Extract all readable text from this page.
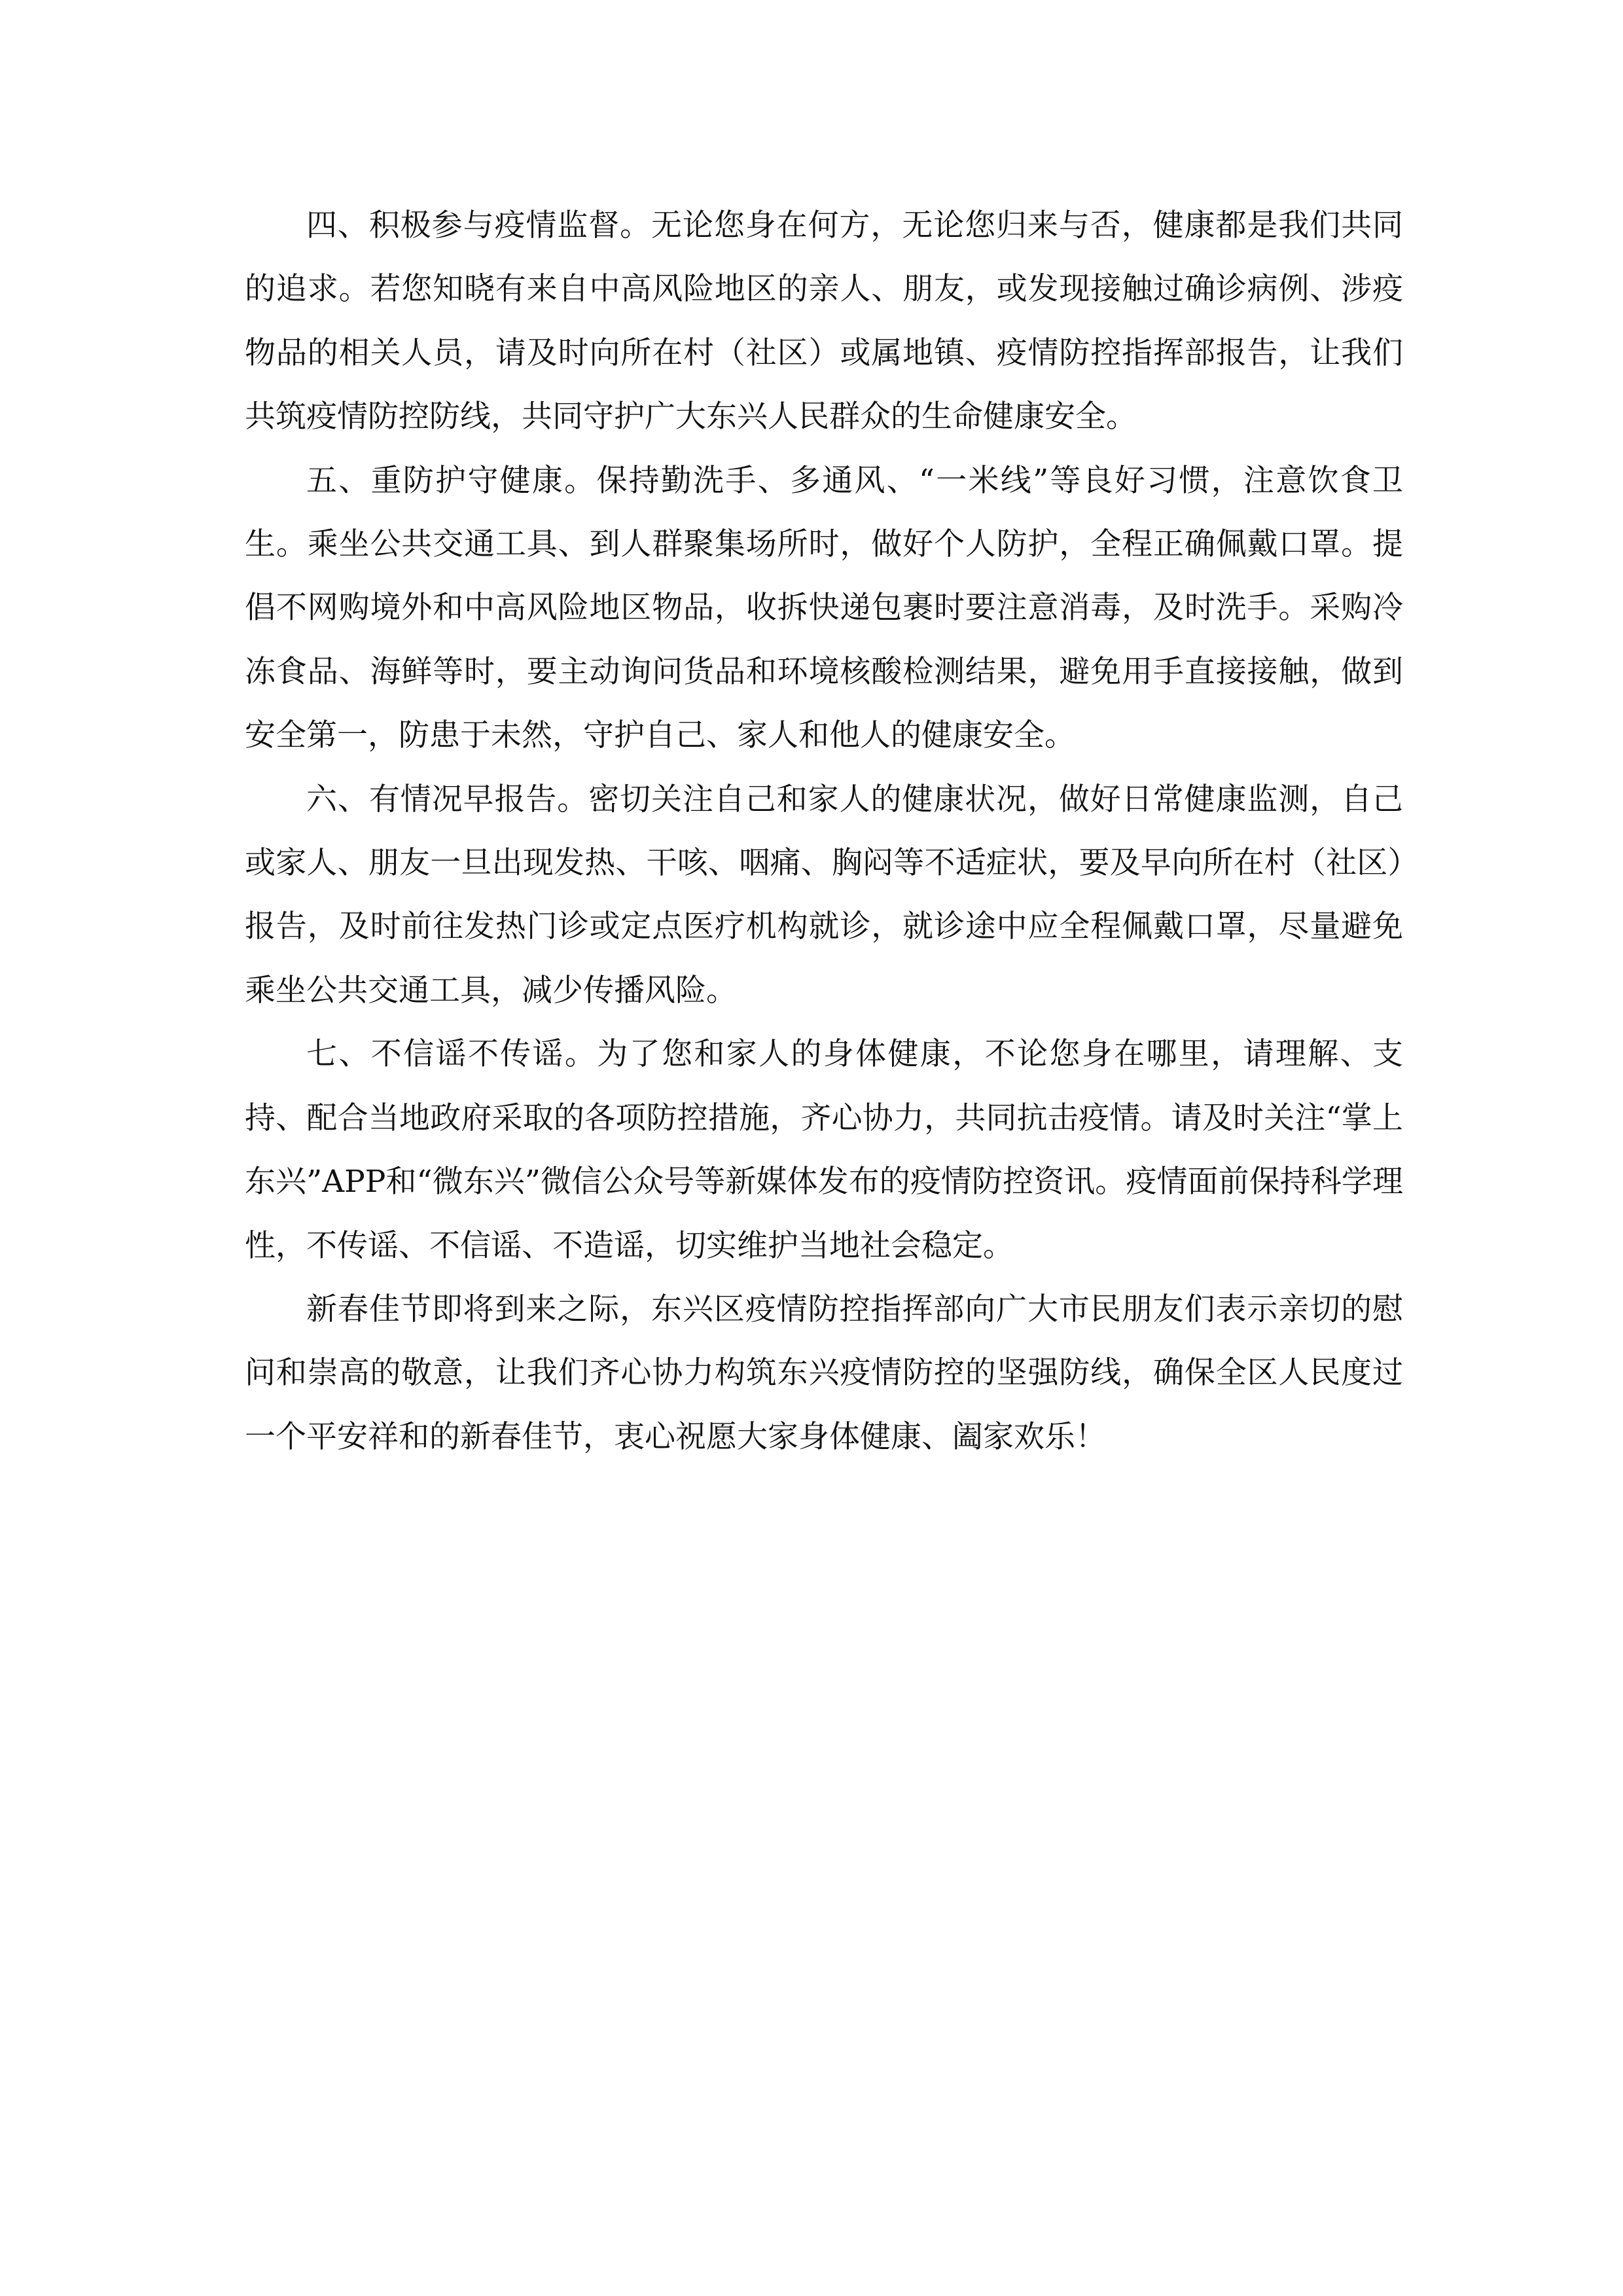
四、积极参与疫情监督。无论您身在何方，无论您归来与否，健康都是我们共同的追求。若您知晓有来自中高风险地区的亲人、朋友，或发现接触过确诊病例、涉疫物品的相关人员，请及时向所在村（社区）或属地镇、疫情防控指挥部报告，让我们共筑疫情防控防线，共同守护广大东兴人民群众的生命健康安全。

五、重防护守健康。保持勤洗手、多通风、“一米线”等良好习惯，注意饮食卫生。乘坐公共交通工具、到人群聚集场所时，做好个人防护，全程正确佩戴口罩。提倡不网购境外和中高风险地区物品，收拆快递包裹时要注意消毒，及时洗手。采购冷冻食品、海鲜等时，要主动询问货品和环境核酸检测结果，避免用手直接接触，做到安全第一，防患于未然，守护自己、家人和他人的健康安全。

六、有情况早报告。密切关注自己和家人的健康状况，做好日常健康监测，自己或家人、朋友一旦出现发热、干咳、咽痛、胸闷等不适症状，要及早向所在村（社区）报告，及时前往发热门诊或定点医疗机构就诊，就诊途中应全程佩戴口罩，尽量避免乘坐公共交通工具，减少传播风险。

七、不信谣不传谣。为了您和家人的身体健康，不论您身在哪里，请理解、支持、配合当地政府采取的各项防控措施，齐心协力，共同抗击疫情。请及时关注“掌上东兴”APP和“微东兴”微信公众号等新媒体发布的疫情防控资讯。疫情面前保持科学理性，不传谣、不信谣、不造谣，切实维护当地社会稳定。

新春佳节即将到来之际，东兴区疫情防控指挥部向广大市民朋友们表示亲切的慰问和崇高的敬意，让我们齐心协力构筑东兴疫情防控的坚强防线，确保全区人民度过一个平安祥和的新春佳节，衷心祝愿大家身体健康、阖家欢乐！
